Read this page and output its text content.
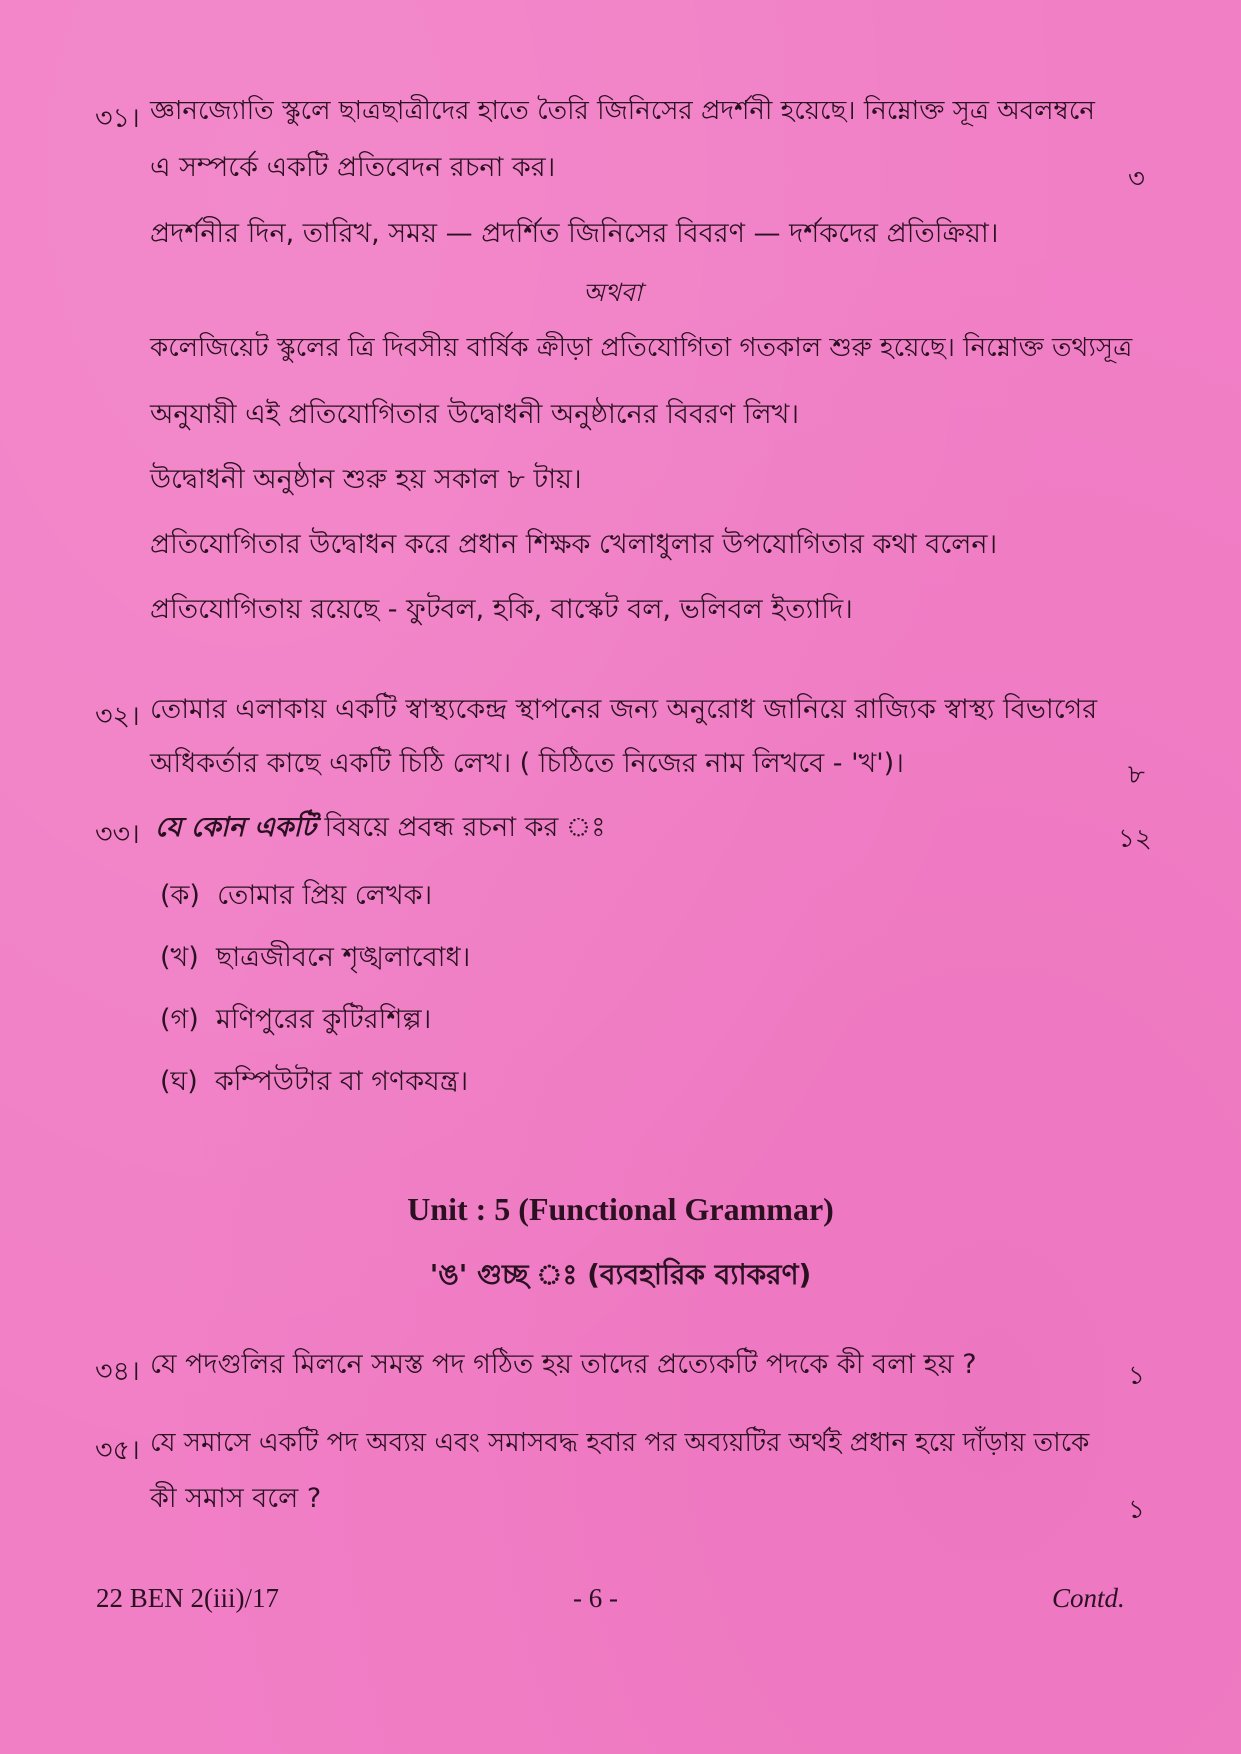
৩১। জ্ঞানজ্যোতি স্কুলে ছাত্রছাত্রীদের হাতে তৈরি জিনিসের প্রদর্শনী হয়েছে। নিম্নোক্ত সূত্র অবলম্বনে
এ সম্পর্কে একটি প্রতিবেদন রচনা কর।	৩
প্রদর্শনীর দিন, তারিখ, সময় — প্রদর্শিত জিনিসের বিবরণ — দর্শকদের প্রতিক্রিয়া।
অথবা
কলেজিয়েট স্কুলের ত্রি দিবসীয় বার্ষিক ক্রীড়া প্রতিযোগিতা গতকাল শুরু হয়েছে। নিম্নোক্ত তথ্যসূত্র
অনুযায়ী এই প্রতিযোগিতার উদ্বোধনী অনুষ্ঠানের বিবরণ লিখ।
উদ্বোধনী অনুষ্ঠান শুরু হয় সকাল ৮ টায়।
প্রতিযোগিতার উদ্বোধন করে প্রধান শিক্ষক খেলাধুলার উপযোগিতার কথা বলেন।
প্রতিযোগিতায় রয়েছে - ফুটবল, হকি, বাস্কেট বল, ভলিবল ইত্যাদি।
৩২। তোমার এলাকায় একটি স্বাস্থ্যকেন্দ্র স্থাপনের জন্য অনুরোধ জানিয়ে রাজ্যিক স্বাস্থ্য বিভাগের
অধিকর্তার কাছে একটি চিঠি লেখ। ( চিঠিতে নিজের নাম লিখবে - 'খ')।	৮
৩৩। যে কোন একটি বিষয়ে প্রবন্ধ রচনা কর ঃ	১২
(ক) তোমার প্রিয় লেখক।
(খ) ছাত্রজীবনে শৃঙ্খলাবোধ।
(গ) মণিপুরের কুটিরশিল্প।
(ঘ) কম্পিউটার বা গণকযন্ত্র।
Unit : 5 (Functional Grammar)
'ঙ' গুচ্ছ ঃ (ব্যবহারিক ব্যাকরণ)
৩৪। যে পদগুলির মিলনে সমস্ত পদ গঠিত হয় তাদের প্রত্যেকটি পদকে কী বলা হয় ?	১
৩৫। যে সমাসে একটি পদ অব্যয় এবং সমাসবদ্ধ হবার পর অব্যয়টির অর্থই প্রধান হয়ে দাঁড়ায় তাকে
কী সমাস বলে ?	১
22 BEN 2(iii)/17	- 6 -	Contd.
